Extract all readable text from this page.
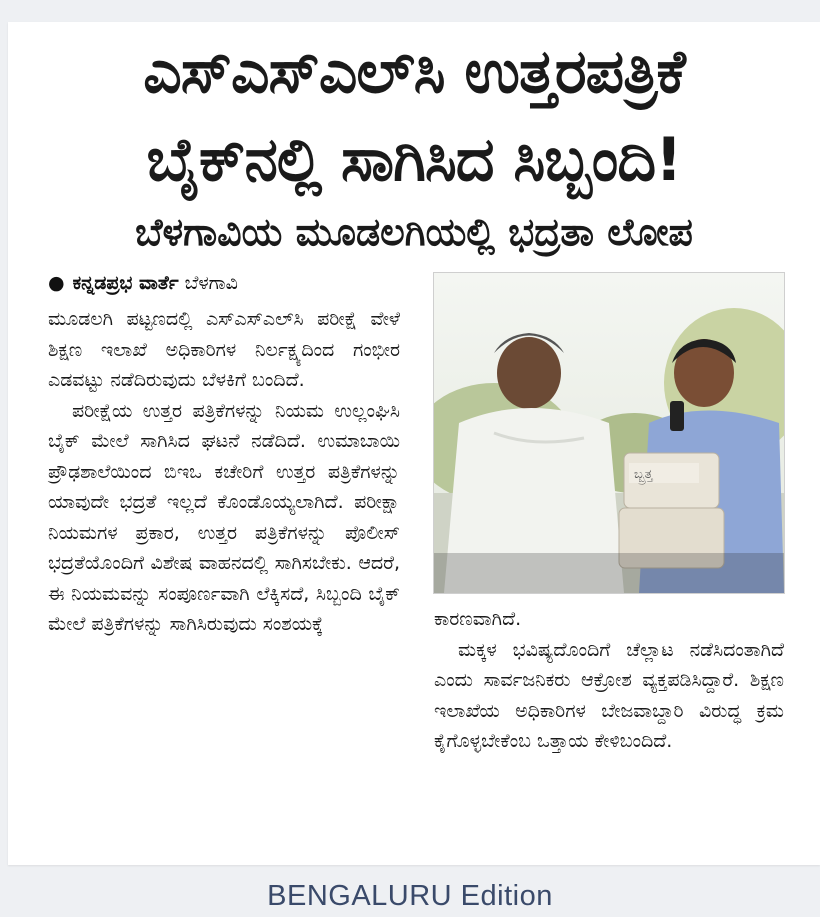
ಎಸ್‌ಎಸ್‌ಎಲ್‌ಸಿ ಉತ್ತರಪತ್ರಿಕೆ
ಬೈಕ್‌ನಲ್ಲಿ ಸಾಗಿಸಿದ ಸಿಬ್ಬಂದಿ!
ಬೆಳಗಾವಿಯ ಮೂಡಲಗಿಯಲ್ಲಿ ಭದ್ರತಾ ಲೋಪ
● ಕನ್ನಡಪ್ರಭ ವಾರ್ತೆ ಬೆಳಗಾವಿ

ಮೂಡಲಗಿ ಪಟ್ಟಣದಲ್ಲಿ ಎಸ್‌ಎಸ್‌ಎಲ್‌ಸಿ ಪರೀಕ್ಷೆ ವೇಳೆ ಶಿಕ್ಷಣ ಇಲಾಖೆ ಅಧಿಕಾರಿಗಳ ನಿರ್ಲಕ್ಷ್ಯದಿಂದ ಗಂಭೀರ ಎಡವಟ್ಟು ನಡೆದಿರುವುದು ಬೆಳಕಿಗೆ ಬಂದಿದೆ.

ಪರೀಕ್ಷೆಯ ಉತ್ತರ ಪತ್ರಿಕೆಗಳನ್ನು ನಿಯಮ ಉಲ್ಲಂಘಿಸಿ ಬೈಕ್ ಮೇಲೆ ಸಾಗಿಸಿದ ಘಟನೆ ನಡೆದಿದೆ. ಉಮಾಬಾಯಿ ಪ್ರೌಢಶಾಲೆಯಿಂದ ಬಿಇಒ ಕಚೇರಿಗೆ ಉತ್ತರ ಪತ್ರಿಕೆಗಳನ್ನು ಯಾವುದೇ ಭದ್ರತೆ ಇಲ್ಲದೆ ಕೊಂಡೊಯ್ಯಲಾಗಿದೆ. ಪರೀಕ್ಷಾ ನಿಯಮಗಳ ಪ್ರಕಾರ, ಉತ್ತರ ಪತ್ರಿಕೆಗಳನ್ನು ಪೊಲೀಸ್ ಭದ್ರತೆಯೊಂದಿಗೆ ವಿಶೇಷ ವಾಹನದಲ್ಲಿ ಸಾಗಿಸಬೇಕು. ಆದರೆ, ಈ ನಿಯಮವನ್ನು ಸಂಪೂರ್ಣವಾಗಿ ಲೆಕ್ಕಿಸದೆ, ಸಿಬ್ಬಂದಿ ಬೈಕ್ ಮೇಲೆ ಪತ್ರಿಕೆಗಳನ್ನು ಸಾಗಿಸಿರುವುದು ಸಂಶಯಕ್ಕೆ

ಬ್ಬ್ರತ್ತ

ಕಾರಣವಾಗಿದೆ.

ಮಕ್ಕಳ ಭವಿಷ್ಯದೊಂದಿಗೆ ಚೆಲ್ಲಾಟ ನಡೆಸಿದಂತಾಗಿದೆ ಎಂದು ಸಾರ್ವಜನಿಕರು ಆಕ್ರೋಶ ವ್ಯಕ್ತಪಡಿಸಿದ್ದಾರೆ. ಶಿಕ್ಷಣ ಇಲಾಖೆಯ ಅಧಿಕಾರಿಗಳ ಬೇಜವಾಬ್ದಾರಿ ವಿರುದ್ಧ ಕ್ರಮ ಕೈಗೊಳ್ಳಬೇಕೆಂಬ ಒತ್ತಾಯ ಕೇಳಿಬಂದಿದೆ.

BENGALURU Edition
